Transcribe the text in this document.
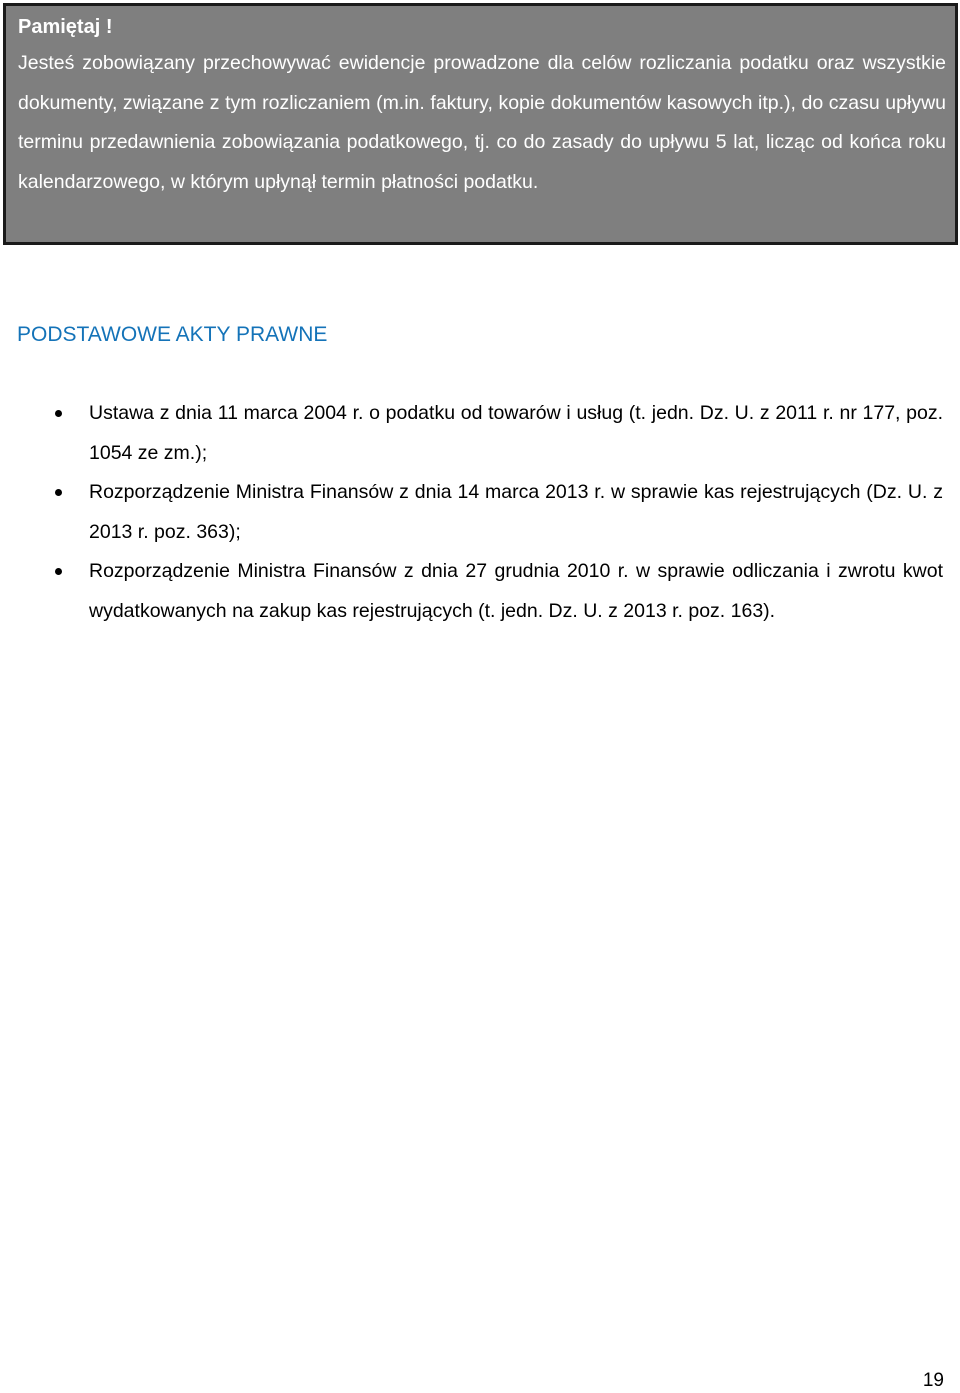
Pamiętaj !

Jesteś zobowiązany przechowywać ewidencje prowadzone dla celów rozliczania podatku oraz wszystkie dokumenty, związane z tym rozliczaniem (m.in. faktury, kopie dokumentów kasowych itp.), do czasu upływu terminu przedawnienia zobowiązania podatkowego, tj. co do zasady do upływu 5 lat, licząc od końca roku kalendarzowego, w którym upłynął termin płatności podatku.

PODSTAWOWE AKTY PRAWNE
Ustawa z dnia 11 marca 2004 r. o podatku od towarów i usług (t. jedn. Dz. U. z 2011 r. nr 177, poz. 1054 ze zm.);
Rozporządzenie Ministra Finansów z dnia 14 marca 2013 r. w sprawie kas rejestrujących (Dz. U. z 2013 r. poz. 363);
Rozporządzenie Ministra Finansów z dnia 27 grudnia 2010 r. w sprawie odliczania i zwrotu kwot wydatkowanych na zakup kas rejestrujących (t. jedn. Dz. U. z 2013 r. poz. 163).

19
